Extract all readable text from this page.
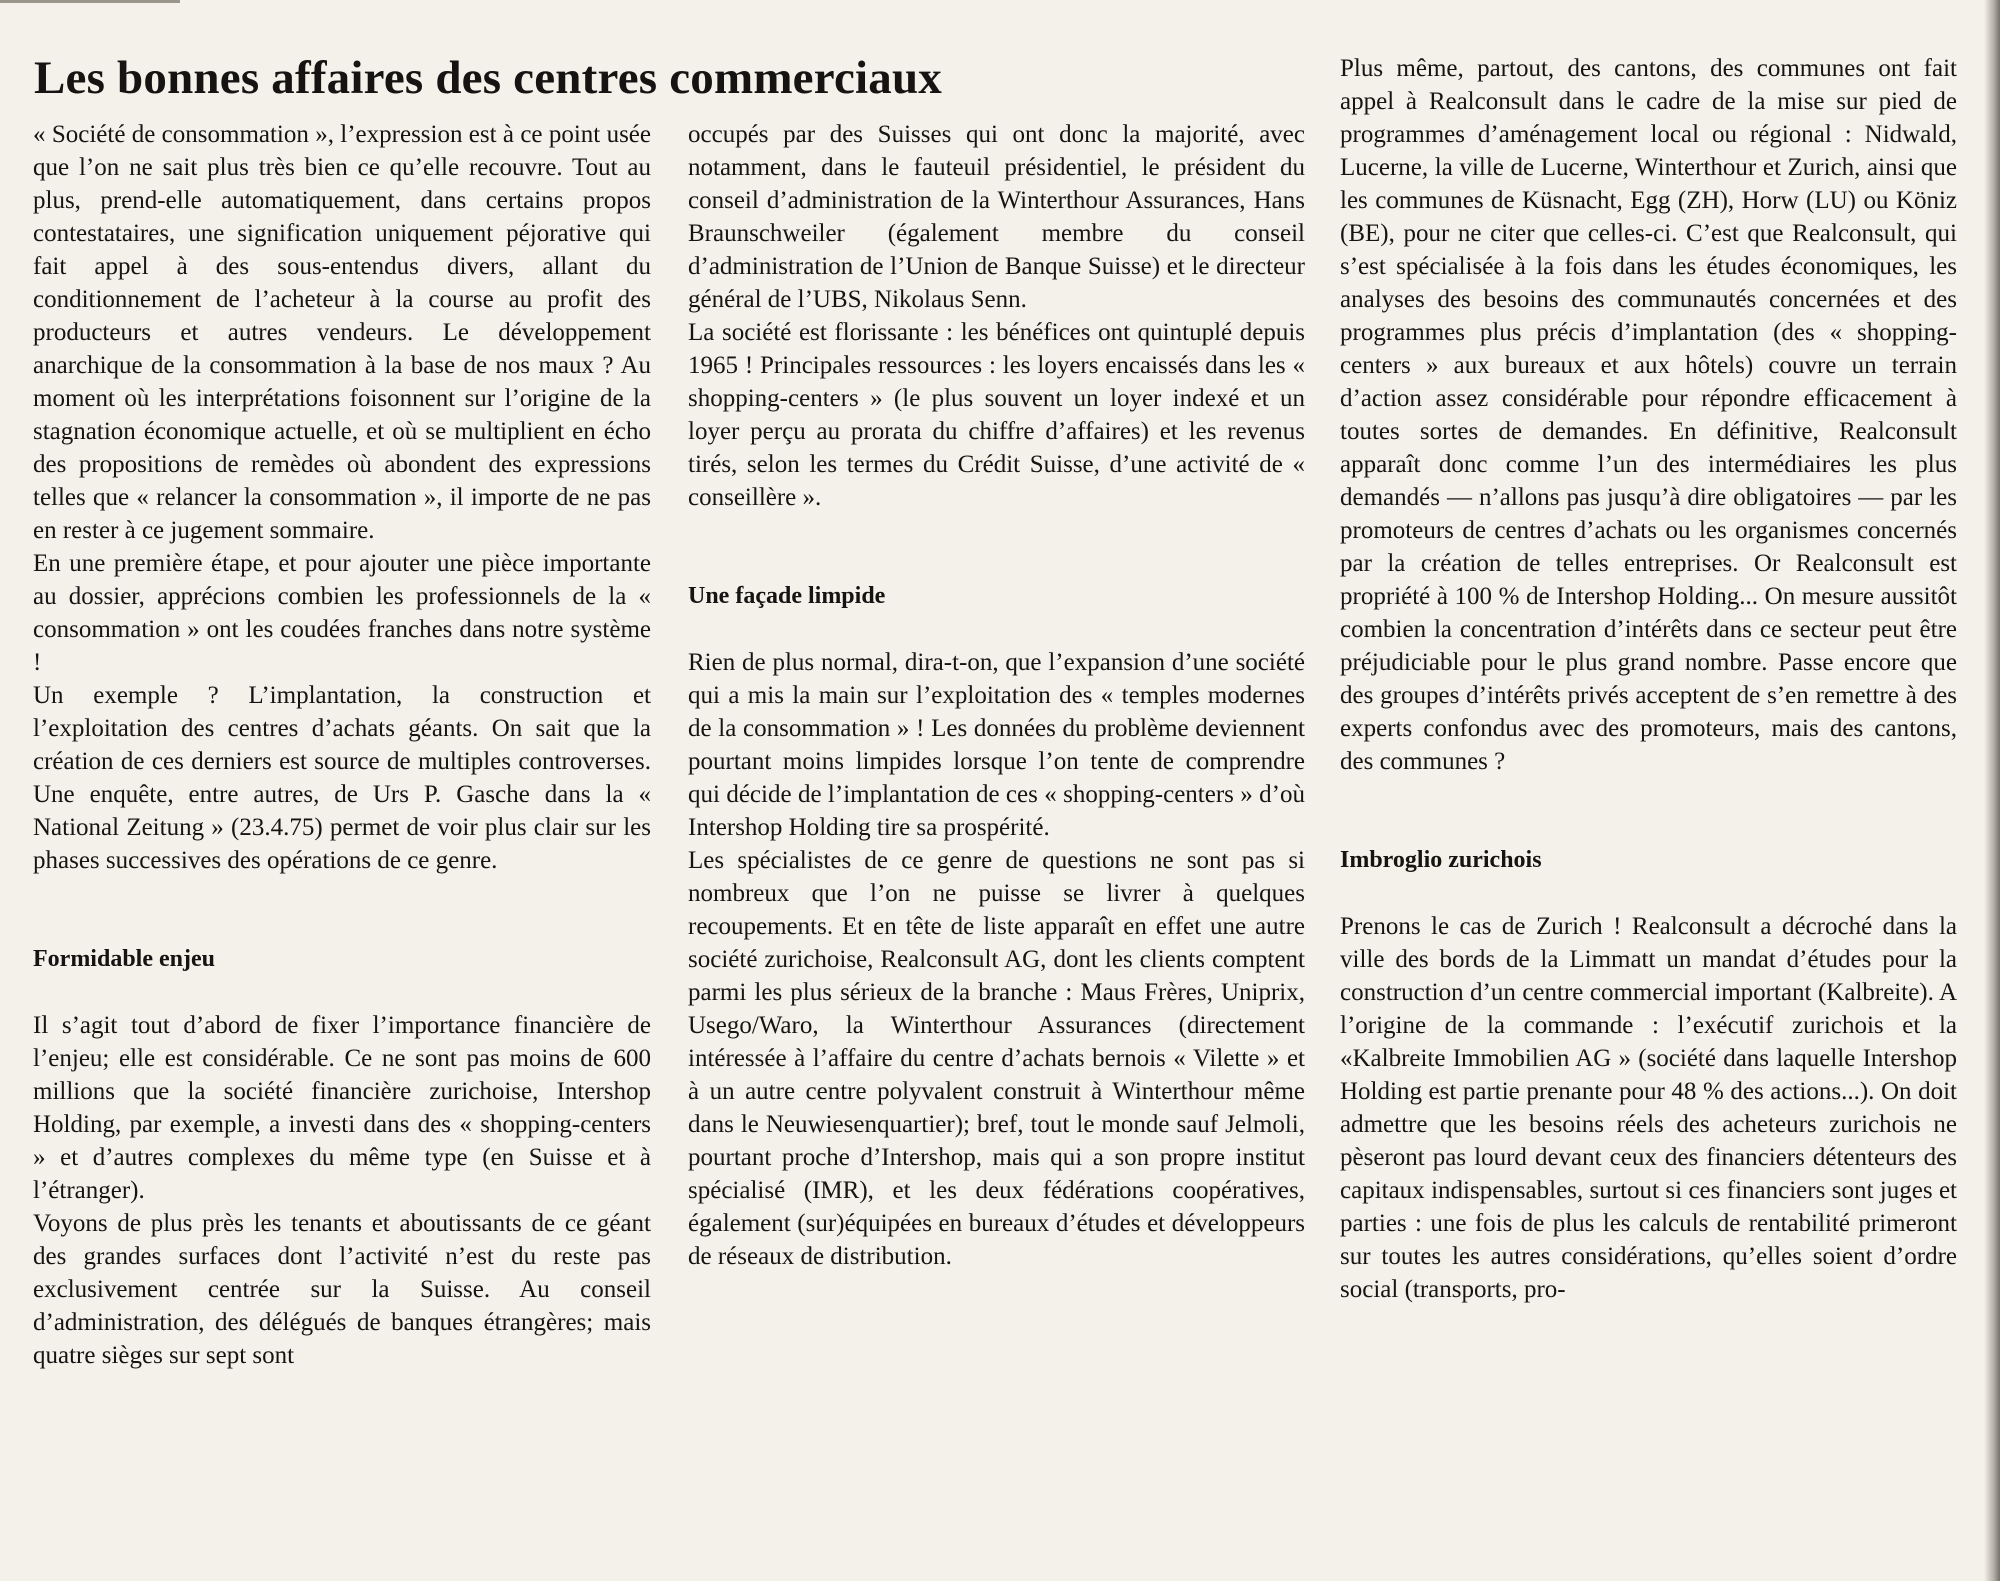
Les bonnes affaires des centres commerciaux

« Société de consommation », l’expression est à ce point usée que l’on ne sait plus très bien ce qu’elle recouvre. Tout au plus, prend-elle automatiquement, dans certains propos contestataires, une signification uniquement péjorative qui fait appel à des sous-entendus divers, allant du conditionnement de l’acheteur à la course au profit des producteurs et autres vendeurs. Le développement anarchique de la consommation à la base de nos maux ? Au moment où les interprétations foisonnent sur l’origine de la stagnation économique actuelle, et où se multiplient en écho des propositions de remèdes où abondent des expressions telles que « relancer la consommation », il importe de ne pas en rester à ce jugement sommaire.

En une première étape, et pour ajouter une pièce importante au dossier, apprécions combien les professionnels de la « consommation » ont les coudées franches dans notre système !

Un exemple ? L’implantation, la construction et l’exploitation des centres d’achats géants. On sait que la création de ces derniers est source de multiples controverses. Une enquête, entre autres, de Urs P. Gasche dans la « National Zeitung » (23.4.75) permet de voir plus clair sur les phases successives des opérations de ce genre.

Formidable enjeu

Il s’agit tout d’abord de fixer l’importance financière de l’enjeu; elle est considérable. Ce ne sont pas moins de 600 millions que la société financière zurichoise, Intershop Holding, par exemple, a investi dans des « shopping-centers » et d’autres complexes du même type (en Suisse et à l’étranger).

Voyons de plus près les tenants et aboutissants de ce géant des grandes surfaces dont l’activité n’est du reste pas exclusivement centrée sur la Suisse. Au conseil d’administration, des délégués de banques étrangères; mais quatre sièges sur sept sont

occupés par des Suisses qui ont donc la majorité, avec notamment, dans le fauteuil présidentiel, le président du conseil d’administration de la Winterthour Assurances, Hans Braunschweiler (également membre du conseil d’administration de l’Union de Banque Suisse) et le directeur général de l’UBS, Nikolaus Senn.

La société est florissante : les bénéfices ont quintuplé depuis 1965 ! Principales ressources : les loyers encaissés dans les « shopping-centers » (le plus souvent un loyer indexé et un loyer perçu au prorata du chiffre d’affaires) et les revenus tirés, selon les termes du Crédit Suisse, d’une activité de « conseillère ».

Une façade limpide

Rien de plus normal, dira-t-on, que l’expansion d’une société qui a mis la main sur l’exploitation des « temples modernes de la consommation » ! Les données du problème deviennent pourtant moins limpides lorsque l’on tente de comprendre qui décide de l’implantation de ces « shopping-centers » d’où Intershop Holding tire sa prospérité.

Les spécialistes de ce genre de questions ne sont pas si nombreux que l’on ne puisse se livrer à quelques recoupements. Et en tête de liste apparaît en effet une autre société zurichoise, Realconsult AG, dont les clients comptent parmi les plus sérieux de la branche : Maus Frères, Uniprix, Usego/Waro, la Winterthour Assurances (directement intéressée à l’affaire du centre d’achats bernois « Vilette » et à un autre centre polyvalent construit à Winterthour même dans le Neuwiesenquartier); bref, tout le monde sauf Jelmoli, pourtant proche d’Intershop, mais qui a son propre institut spécialisé (IMR), et les deux fédérations coopératives, également (sur)équipées en bureaux d’études et développeurs de réseaux de distribution.

Plus même, partout, des cantons, des communes ont fait appel à Realconsult dans le cadre de la mise sur pied de programmes d’aménagement local ou régional : Nidwald, Lucerne, la ville de Lucerne, Winterthour et Zurich, ainsi que les communes de Küsnacht, Egg (ZH), Horw (LU) ou Köniz (BE), pour ne citer que celles-ci. C’est que Realconsult, qui s’est spécialisée à la fois dans les études économiques, les analyses des besoins des communautés concernées et des programmes plus précis d’implantation (des « shopping-centers » aux bureaux et aux hôtels) couvre un terrain d’action assez considérable pour répondre efficacement à toutes sortes de demandes. En définitive, Realconsult apparaît donc comme l’un des intermédiaires les plus demandés — n’allons pas jusqu’à dire obligatoires — par les promoteurs de centres d’achats ou les organismes concernés par la création de telles entreprises. Or Realconsult est propriété à 100 % de Intershop Holding... On mesure aussitôt combien la concentration d’intérêts dans ce secteur peut être préjudiciable pour le plus grand nombre. Passe encore que des groupes d’intérêts privés acceptent de s’en remettre à des experts confondus avec des promoteurs, mais des cantons, des communes ?

Imbroglio zurichois

Prenons le cas de Zurich ! Realconsult a décroché dans la ville des bords de la Limmatt un mandat d’études pour la construction d’un centre commercial important (Kalbreite). A l’origine de la commande : l’exécutif zurichois et la «Kalbreite Immobilien AG » (société dans laquelle Intershop Holding est partie prenante pour 48 % des actions...). On doit admettre que les besoins réels des acheteurs zurichois ne pèseront pas lourd devant ceux des financiers détenteurs des capitaux indispensables, surtout si ces financiers sont juges et parties : une fois de plus les calculs de rentabilité primeront sur toutes les autres considérations, qu’elles soient d’ordre social (transports, pro-
